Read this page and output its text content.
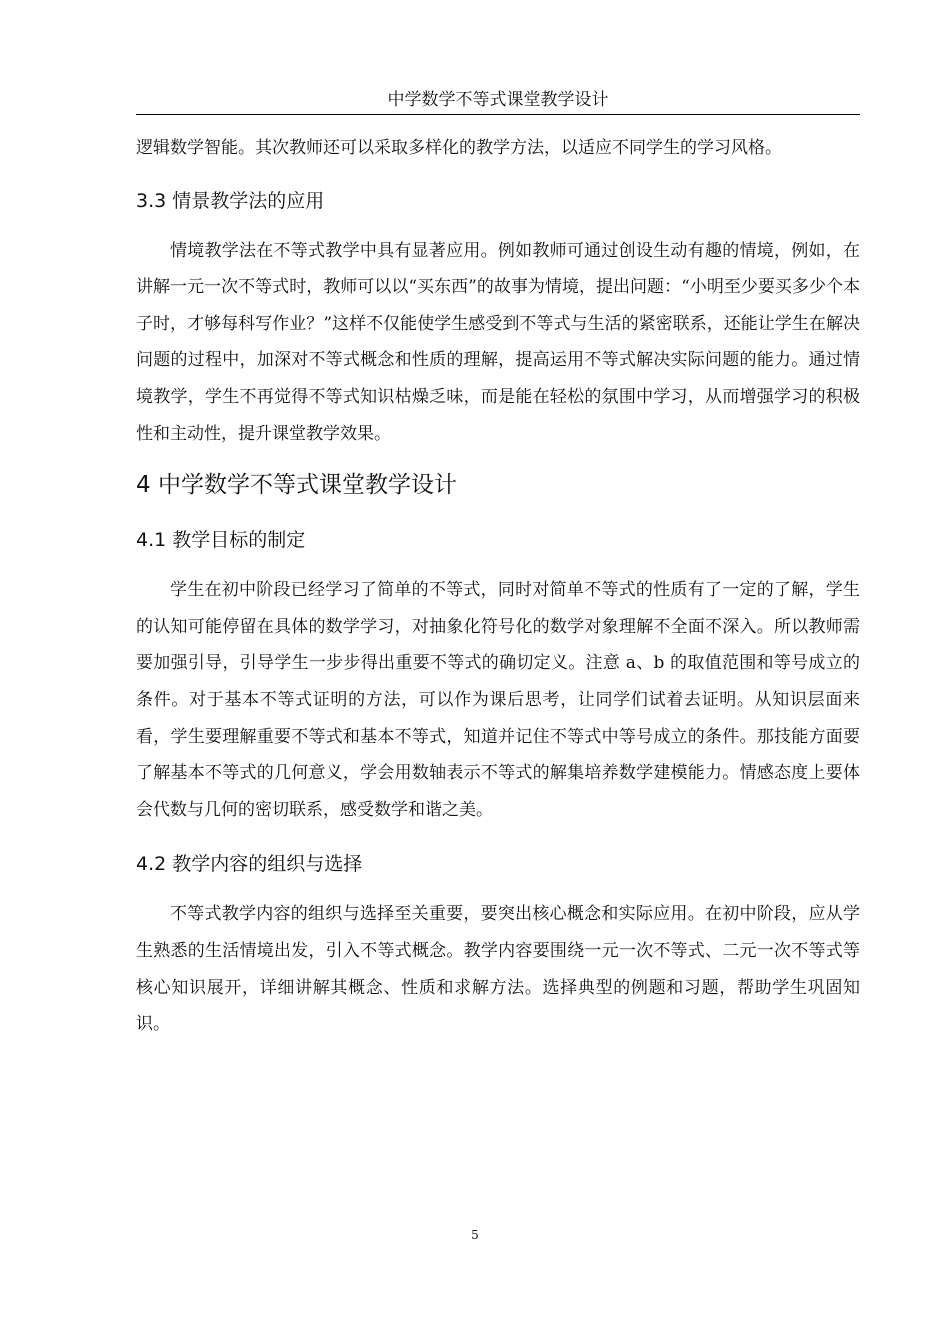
中学数学不等式课堂教学设计

逻辑数学智能。其次教师还可以采取多样化的教学方法，以适应不同学生的学习风格。

3.3 情景教学法的应用

情境教学法在不等式教学中具有显著应用。例如教师可通过创设生动有趣的情境，例如，在讲解一元一次不等式时，教师可以以“买东西”的故事为情境，提出问题：“小明至少要买多少个本子时，才够每科写作业？”这样不仅能使学生感受到不等式与生活的紧密联系，还能让学生在解决问题的过程中，加深对不等式概念和性质的理解，提高运用不等式解决实际问题的能力。通过情境教学，学生不再觉得不等式知识枯燥乏味，而是能在轻松的氛围中学习，从而增强学习的积极性和主动性，提升课堂教学效果。

4 中学数学不等式课堂教学设计
4.1 教学目标的制定

学生在初中阶段已经学习了简单的不等式，同时对简单不等式的性质有了一定的了解，学生的认知可能停留在具体的数学学习，对抽象化符号化的数学对象理解不全面不深入。所以教师需要加强引导，引导学生一步步得出重要不等式的确切定义。注意 a、b 的取值范围和等号成立的条件。对于基本不等式证明的方法，可以作为课后思考，让同学们试着去证明。从知识层面来看，学生要理解重要不等式和基本不等式，知道并记住不等式中等号成立的条件。那技能方面要了解基本不等式的几何意义，学会用数轴表示不等式的解集培养数学建模能力。情感态度上要体会代数与几何的密切联系，感受数学和谐之美。

4.2 教学内容的组织与选择

不等式教学内容的组织与选择至关重要，要突出核心概念和实际应用。在初中阶段，应从学生熟悉的生活情境出发，引入不等式概念。教学内容要围绕一元一次不等式、二元一次不等式等核心知识展开，详细讲解其概念、性质和求解方法。选择典型的例题和习题，帮助学生巩固知识。

5
